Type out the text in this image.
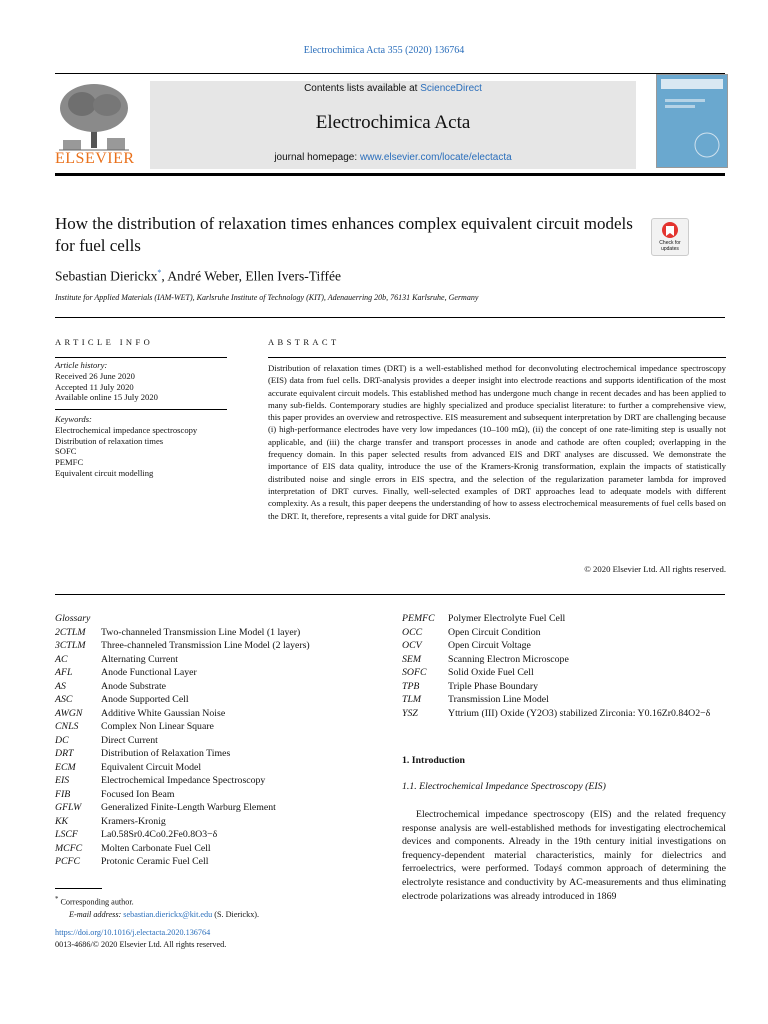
Electrochimica Acta 355 (2020) 136764
ELSEVIER
Contents lists available at ScienceDirect
Electrochimica Acta
journal homepage: www.elsevier.com/locate/electacta
How the distribution of relaxation times enhances complex equivalent circuit models for fuel cells	Check for updates
Sebastian Dierickx*, André Weber, Ellen Ivers-Tiffée
Institute for Applied Materials (IAM-WET), Karlsruhe Institute of Technology (KIT), Adenauerring 20b, 76131 Karlsruhe, Germany
ARTICLE INFO
Article history:
Received 26 June 2020
Accepted 11 July 2020
Available online 15 July 2020
Keywords:
Electrochemical impedance spectroscopy
Distribution of relaxation times
SOFC
PEMFC
Equivalent circuit modelling
ABSTRACT
Distribution of relaxation times (DRT) is a well-established method for deconvoluting electrochemical impedance spectroscopy (EIS) data from fuel cells. DRT-analysis provides a deeper insight into electrode reactions and supports identification of the most accurate equivalent circuit models. This established method has undergone much change in recent decades and has been applied to many sub-fields. Contemporary studies are highly specialized and produce specialist literature: to further a comprehensive view, this paper provides an overview and retrospective. EIS measurement and subsequent interpretation by DRT are challenging because (i) high-performance electrodes have very low impedances (10–100 mΩ), (ii) the concept of one rate-limiting step is usually not applicable, and (iii) the charge transfer and transport processes in anode and cathode are often coupled; overlapping in the frequency domain. In this paper selected results from advanced EIS and DRT analyses are discussed. We demonstrate the importance of EIS data quality, introduce the use of the Kramers-Kronig transformation, explain the impacts of statistically distributed noise and single errors in EIS spectra, and the selection of the regularization parameter lambda for improved interpretation of DRT curves. Finally, well-selected examples of DRT approaches lead to adequate models with different complexity. As a result, this paper deepens the understanding of how to assess electrochemical measurements of fuel cells based on the DRT. It, therefore, represents a vital guide for DRT analysis.
© 2020 Elsevier Ltd. All rights reserved.
Glossary
2CTLM Two-channeled Transmission Line Model (1 layer)
3CTLM Three-channeled Transmission Line Model (2 layers)
AC	Alternating Current
AFL	Anode Functional Layer
AS	Anode Substrate
ASC	Anode Supported Cell
AWGN Additive White Gaussian Noise
CNLS Complex Non Linear Square
DC	Direct Current
DRT	Distribution of Relaxation Times
ECM	Equivalent Circuit Model
EIS	Electrochemical Impedance Spectroscopy
FIB	Focused Ion Beam
GFLW Generalized Finite-Length Warburg Element
KK	Kramers-Kronig
LSCF La0.58Sr0.4Co0.2Fe0.8O3−δ
MCFC Molten Carbonate Fuel Cell
PCFC Protonic Ceramic Fuel Cell
PEMFC Polymer Electrolyte Fuel Cell
OCC	Open Circuit Condition
OCV	Open Circuit Voltage
SEM	Scanning Electron Microscope
SOFC Solid Oxide Fuel Cell
TPB	Triple Phase Boundary
TLM	Transmission Line Model
YSZ	Yttrium (III) Oxide (Y2O3) stabilized Zirconia: Y0.16Zr0.84O2−δ
1. Introduction
1.1. Electrochemical Impedance Spectroscopy (EIS)
Electrochemical impedance spectroscopy (EIS) and the related frequency response analysis are well-established methods for investigating electrochemical devices and components. Already in the 19th century initial investigations on frequency-dependent material characteristics, mainly for dielectrics and ferroelectrics, were performed. Todayś common approach of determining the electrolyte resistance and conductivity by AC-measurements and thus eliminating electrode polarizations was already introduced in 1869
* Corresponding author.
E-mail address: sebastian.dierickx@kit.edu (S. Dierickx).
https://doi.org/10.1016/j.electacta.2020.136764
0013-4686/© 2020 Elsevier Ltd. All rights reserved.
